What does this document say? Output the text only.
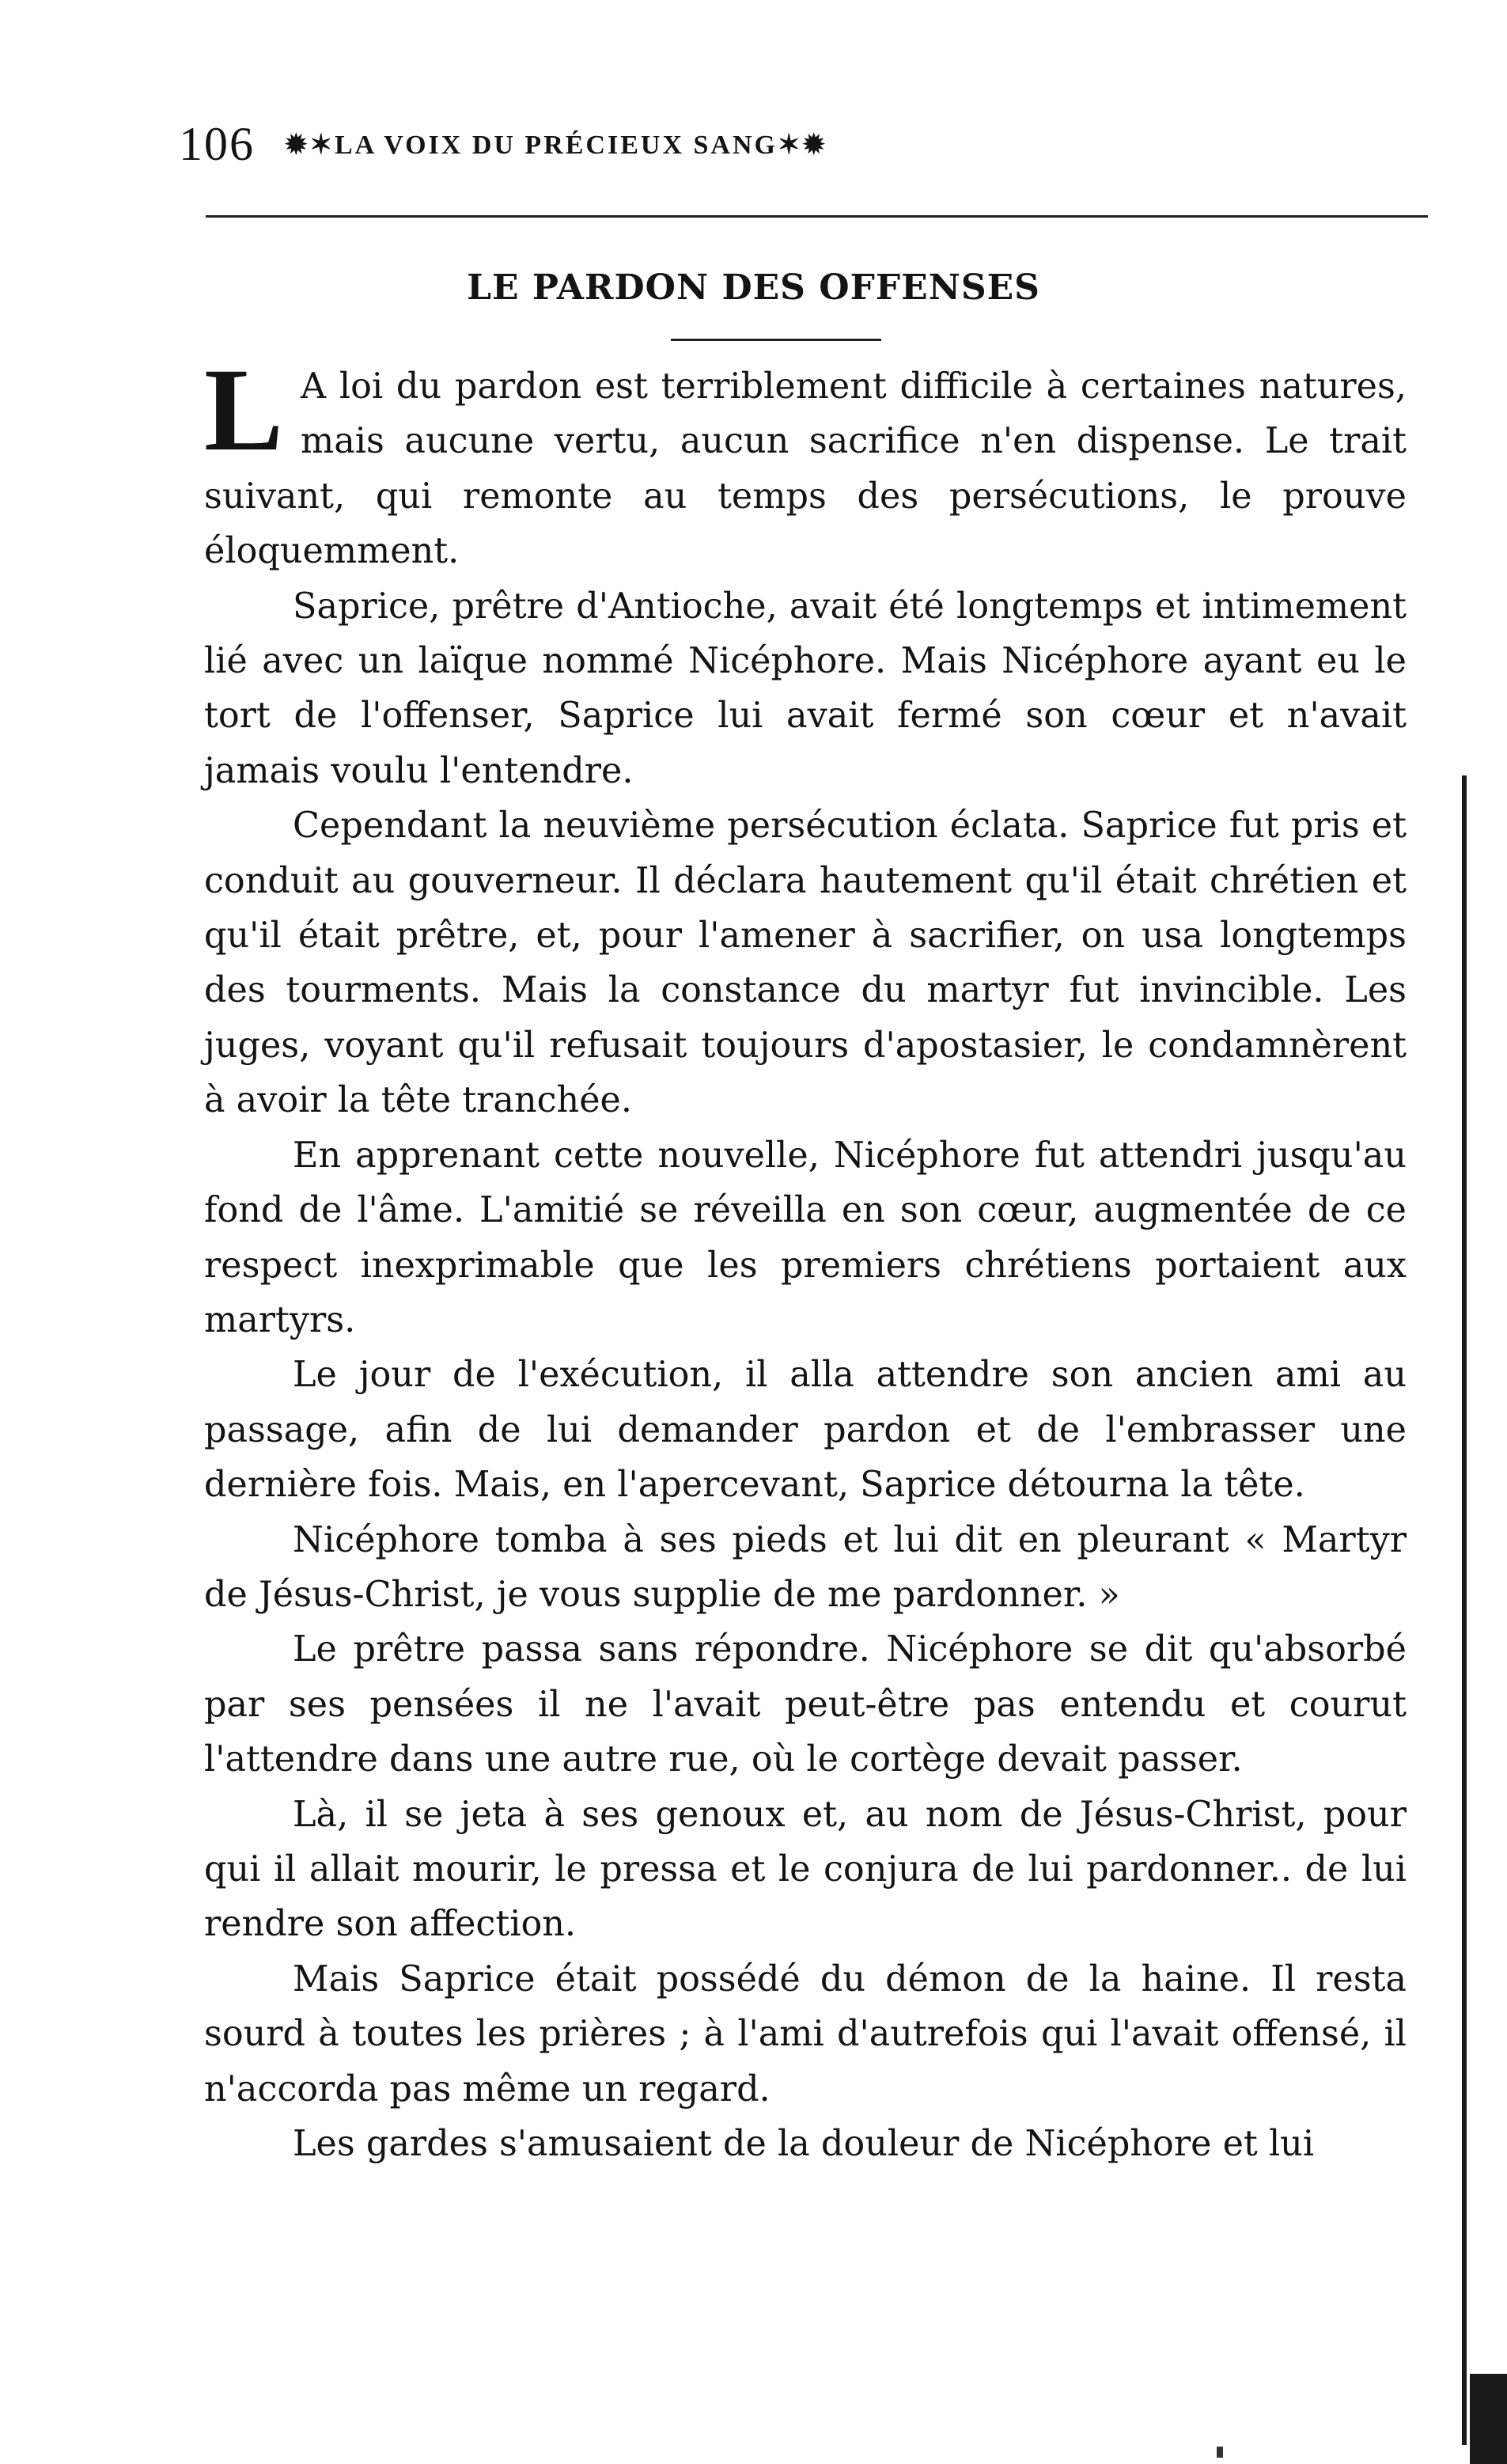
106 ✹✶LA VOIX DU PRÉCIEUX SANG✶✹
LE PARDON DES OFFENSES

L A loi du pardon est terriblement difficile à certaines natures, mais aucune vertu, aucun sacrifice n'en dispense. Le trait suivant, qui remonte au temps des persécutions, le prouve éloquemment.

Saprice, prêtre d'Antioche, avait été longtemps et intimement lié avec un laïque nommé Nicéphore. Mais Nicéphore ayant eu le tort de l'offenser, Saprice lui avait fermé son cœur et n'avait jamais voulu l'entendre.

Cependant la neuvième persécution éclata. Saprice fut pris et conduit au gouverneur. Il déclara hautement qu'il était chrétien et qu'il était prêtre, et, pour l'amener à sacrifier, on usa longtemps des tourments. Mais la constance du martyr fut invincible. Les juges, voyant qu'il refusait toujours d'apostasier, le condamnèrent à avoir la tête tranchée.

En apprenant cette nouvelle, Nicéphore fut attendri jusqu'au fond de l'âme. L'amitié se réveilla en son cœur, augmentée de ce respect inexprimable que les premiers chrétiens portaient aux martyrs.

Le jour de l'exécution, il alla attendre son ancien ami au passage, afin de lui demander pardon et de l'embrasser une dernière fois. Mais, en l'apercevant, Saprice détourna la tête.

Nicéphore tomba à ses pieds et lui dit en pleurant « Martyr de Jésus-Christ, je vous supplie de me pardonner. »

Le prêtre passa sans répondre. Nicéphore se dit qu'absorbé par ses pensées il ne l'avait peut-être pas entendu et courut l'attendre dans une autre rue, où le cortège devait passer.

Là, il se jeta à ses genoux et, au nom de Jésus-Christ, pour qui il allait mourir, le pressa et le conjura de lui pardonner.. de lui rendre son affection.

Mais Saprice était possédé du démon de la haine. Il resta sourd à toutes les prières ; à l'ami d'autrefois qui l'avait offensé, il n'accorda pas même un regard.

Les gardes s'amusaient de la douleur de Nicéphore et lui
